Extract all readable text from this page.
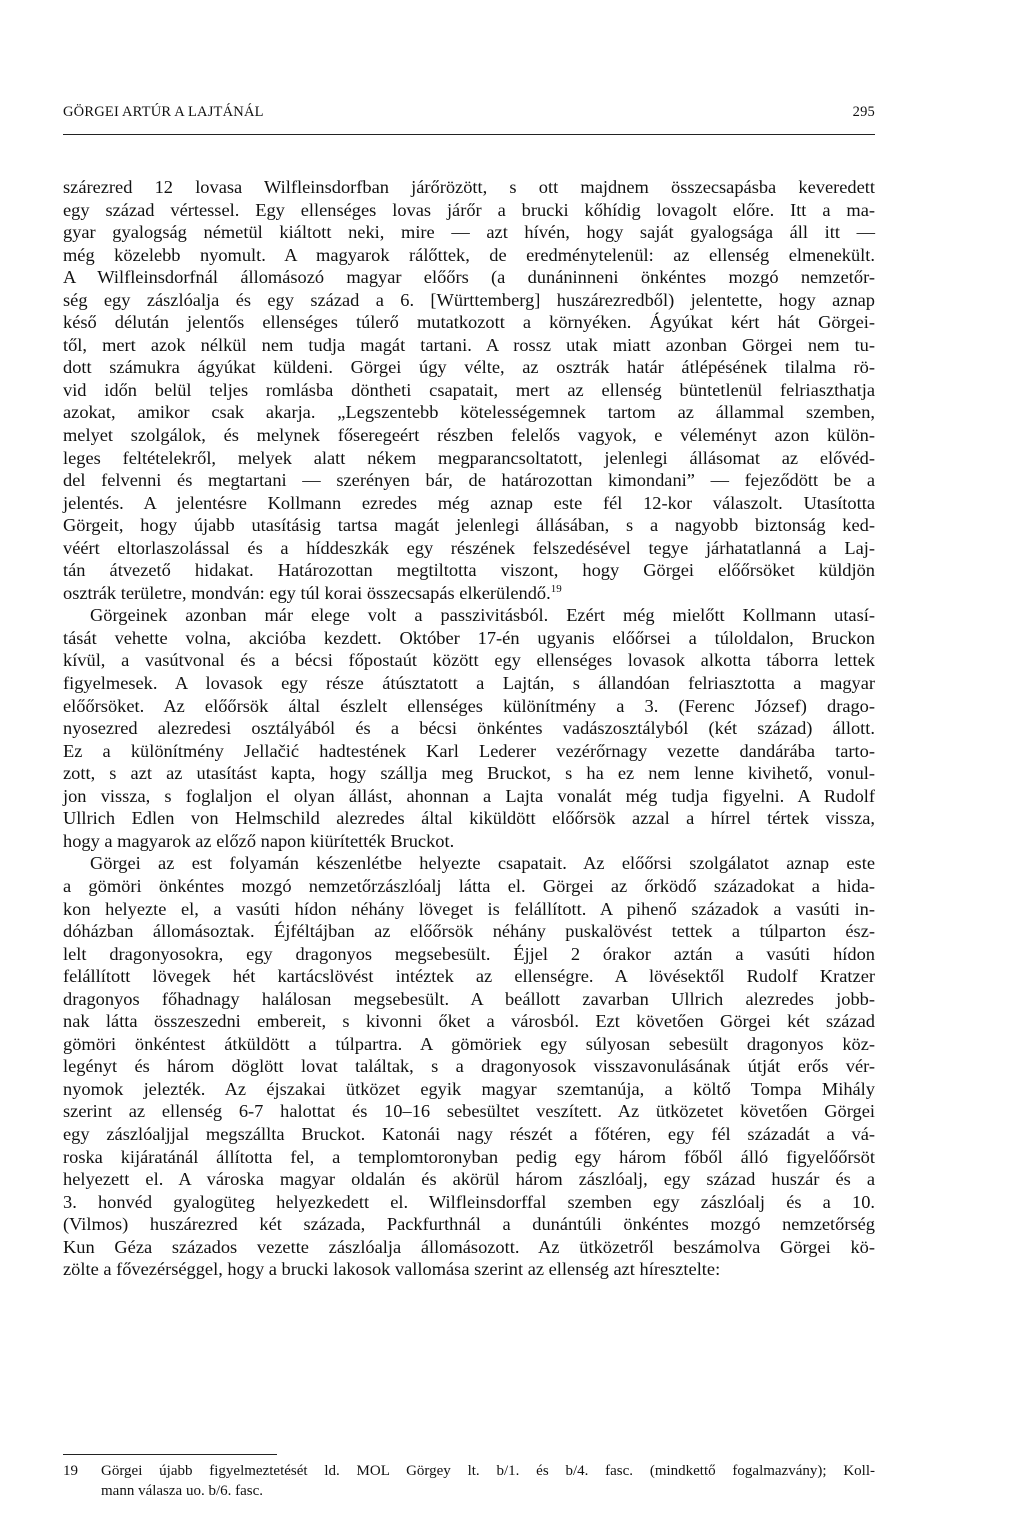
GÖRGEI ARTÚR A LAJTÁNÁL	295

szárezred 12 lovasa Wilfleinsdorfban járőrözött, s ott majdnem összecsapásba keveredett

egy század vértessel. Egy ellenséges lovas járőr a brucki kőhídig lovagolt előre. Itt a ma-

gyar gyalogság németül kiáltott neki, mire — azt hívén, hogy saját gyalogsága áll itt —

még közelebb nyomult. A magyarok rálőttek, de eredménytelenül: az ellenség elmenekült.

A Wilfleinsdorfnál állomásozó magyar előőrs (a dunáninneni önkéntes mozgó nemzetőr-

ség egy zászlóalja és egy század a 6. [Württemberg] huszárezredből) jelentette, hogy aznap

késő délután jelentős ellenséges túlerő mutatkozott a környéken. Ágyúkat kért hát Görgei-

től, mert azok nélkül nem tudja magát tartani. A rossz utak miatt azonban Görgei nem tu-

dott számukra ágyúkat küldeni. Görgei úgy vélte, az osztrák határ átlépésének tilalma rö-

vid időn belül teljes romlásba döntheti csapatait, mert az ellenség büntetlenül felriaszthatja

azokat, amikor csak akarja. „Legszentebb kötelességemnek tartom az állammal szemben,

melyet szolgálok, és melynek főseregeért részben felelős vagyok, e véleményt azon külön-

leges feltételekről, melyek alatt nékem megparancsoltatott, jelenlegi állásomat az elővéd-

del felvenni és megtartani — szerényen bár, de határozottan kimondani” — fejeződött be a

jelentés. A jelentésre Kollmann ezredes még aznap este fél 12-kor válaszolt. Utasította

Görgeit, hogy újabb utasításig tartsa magát jelenlegi állásában, s a nagyobb biztonság ked-

véért eltorlaszolással és a híddeszkák egy részének felszedésével tegye járhatatlanná a Laj-

tán átvezető hidakat. Határozottan megtiltotta viszont, hogy Görgei előőrsöket küldjön

osztrák területre, mondván: egy túl korai összecsapás elkerülendő.$^{19}$

Görgeinek azonban már elege volt a passzivitásból. Ezért még mielőtt Kollmann utasí-

tását vehette volna, akcióba kezdett. Október 17-én ugyanis előőrsei a túloldalon, Bruckon

kívül, a vasútvonal és a bécsi főpostaút között egy ellenséges lovasok alkotta táborra lettek

figyelmesek. A lovasok egy része átúsztatott a Lajtán, s állandóan felriasztotta a magyar

előőrsöket. Az előőrsök által észlelt ellenséges különítmény a 3. (Ferenc József) drago-

nyosezred alezredesi osztályából és a bécsi önkéntes vadászosztályból (két század) állott.

Ez a különítmény Jellačić hadtestének Karl Lederer vezérőrnagy vezette dandárába tarto-

zott, s azt az utasítást kapta, hogy szállja meg Bruckot, s ha ez nem lenne kivihető, vonul-

jon vissza, s foglaljon el olyan állást, ahonnan a Lajta vonalát még tudja figyelni. A Rudolf

Ullrich Edlen von Helmschild alezredes által kiküldött előőrsök azzal a hírrel tértek vissza,

hogy a magyarok az előző napon kiürítették Bruckot.

Görgei az est folyamán készenlétbe helyezte csapatait. Az előőrsi szolgálatot aznap este

a gömöri önkéntes mozgó nemzetőrzászlóalj látta el. Görgei az őrködő századokat a hida-

kon helyezte el, a vasúti hídon néhány löveget is felállított. A pihenő századok a vasúti in-

dóházban állomásoztak. Éjféltájban az előőrsök néhány puskalövést tettek a túlparton ész-

lelt dragonyosokra, egy dragonyos megsebesült. Éjjel 2 órakor aztán a vasúti hídon

felállított lövegek hét kartácslövést intéztek az ellenségre. A lövésektől Rudolf Kratzer

dragonyos főhadnagy halálosan megsebesült. A beállott zavarban Ullrich alezredes jobb-

nak látta összeszedni embereit, s kivonni őket a városból. Ezt követően Görgei két század

gömöri önkéntest átküldött a túlpartra. A gömöriek egy súlyosan sebesült dragonyos köz-

legényt és három döglött lovat találtak, s a dragonyosok visszavonulásának útját erős vér-

nyomok jelezték. Az éjszakai ütközet egyik magyar szemtanúja, a költő Tompa Mihály

szerint az ellenség 6-7 halottat és 10–16 sebesültet veszített. Az ütközetet követően Görgei

egy zászlóaljjal megszállta Bruckot. Katonái nagy részét a főtéren, egy fél századát a vá-

roska kijáratánál állította fel, a templomtoronyban pedig egy három főből álló figyelőőrsöt

helyezett el. A városka magyar oldalán és akörül három zászlóalj, egy század huszár és a

3. honvéd gyalogüteg helyezkedett el. Wilfleinsdorffal szemben egy zászlóalj és a 10.

(Vilmos) huszárezred két százada, Packfurthnál a dunántúli önkéntes mozgó nemzetőrség

Kun Géza százados vezette zászlóalja állomásozott. Az ütközetről beszámolva Görgei kö-

zölte a fővezérséggel, hogy a brucki lakosok vallomása szerint az ellenség azt híresztelte:

19	Görgei újabb figyelmeztetését ld. MOL Görgey lt. b/1. és b/4. fasc. (mindkettő fogalmazvány); Koll-

mann válasza uo. b/6. fasc.
